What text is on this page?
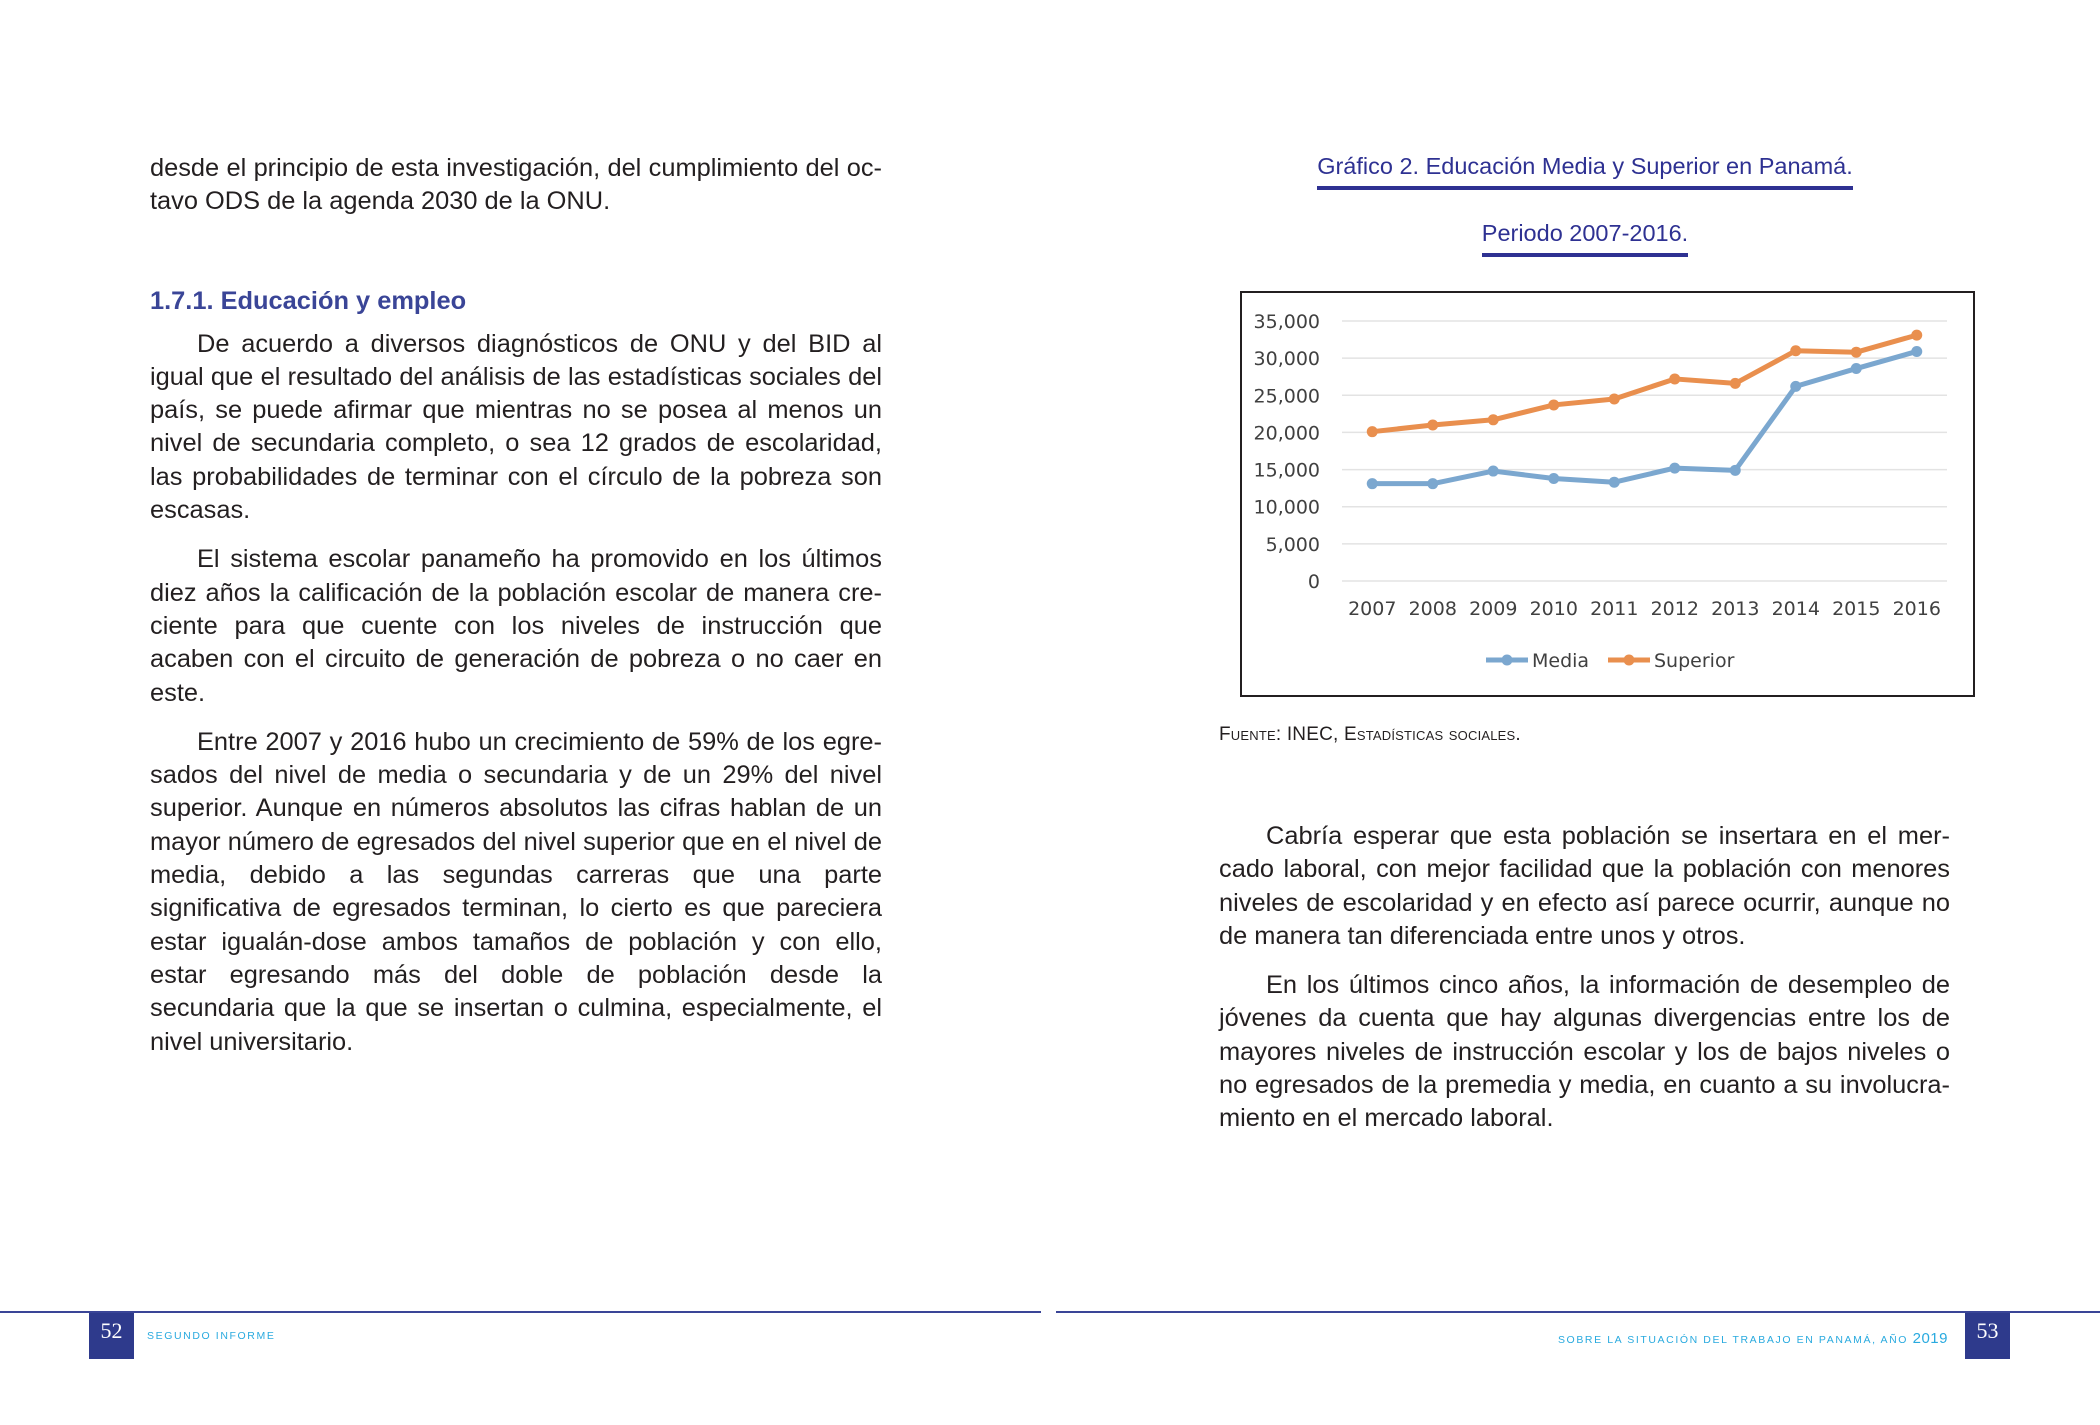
desde el principio de esta investigación, del cumplimiento del oc-tavo ODS de la agenda 2030 de la ONU.

1.7.1. Educación y empleo

De acuerdo a diversos diagnósticos de ONU y del BID al igual que el resultado del análisis de las estadísticas sociales del país, se puede afirmar que mientras no se posea al menos un nivel de secundaria completo, o sea 12 grados de escolaridad, las probabilidades de terminar con el círculo de la pobreza son escasas.

El sistema escolar panameño ha promovido en los últimos diez años la calificación de la población escolar de manera cre-ciente para que cuente con los niveles de instrucción que acaben con el circuito de generación de pobreza o no caer en este.

Entre 2007 y 2016 hubo un crecimiento de 59% de los egre-sados del nivel de media o secundaria y de un 29% del nivel superior. Aunque en números absolutos las cifras hablan de un mayor número de egresados del nivel superior que en el nivel de media, debido a las segundas carreras que una parte significativa de egresados terminan, lo cierto es que pareciera estar igualán-dose ambos tamaños de población y con ello, estar egresando más del doble de población desde la secundaria que la que se insertan o culmina, especialmente, el nivel universitario.

52	SEGUNDO INFORME
Gráfico 2. Educación Media y Superior en Panamá.
Periodo 2007-2016.
35,000
30,000
25,000
20,000
15,000
10,000
5,000
0
2007 2008 2009 2010 2011 2012 2013 2014 2015 2016
Media	Superior
Fuente: INEC, Estadísticas sociales.

Cabría esperar que esta población se insertara en el mer-cado laboral, con mejor facilidad que la población con menores niveles de escolaridad y en efecto así parece ocurrir, aunque no de manera tan diferenciada entre unos y otros.

En los últimos cinco años, la información de desempleo de jóvenes da cuenta que hay algunas divergencias entre los de mayores niveles de instrucción escolar y los de bajos niveles o no egresados de la premedia y media, en cuanto a su involucra-miento en el mercado laboral.

SOBRE LA SITUACIÓN DEL TRABAJO EN PANAMÁ, AÑO 2019	53
